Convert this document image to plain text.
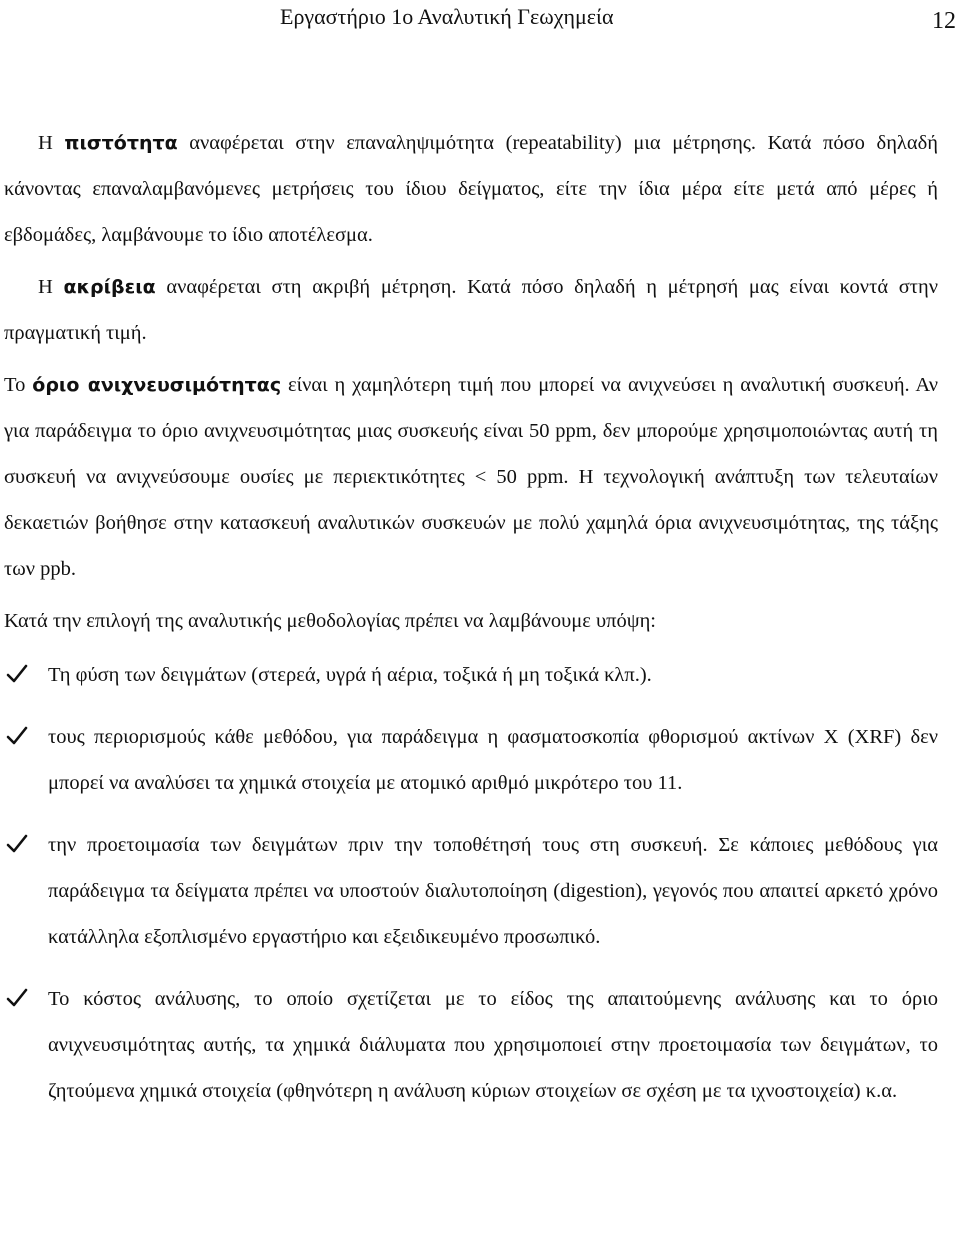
Εργαστήριο 1ο Αναλυτική Γεωχημεία	12

Η πιστότητα αναφέρεται στην επαναληψιμότητα (repeatability) μια μέτρησης. Κατά πόσο δηλαδή κάνοντας επαναλαμβανόμενες μετρήσεις του ίδιου δείγματος, είτε την ίδια μέρα είτε μετά από μέρες ή εβδομάδες, λαμβάνουμε το ίδιο αποτέλεσμα.

Η ακρίβεια αναφέρεται στη ακριβή μέτρηση. Κατά πόσο δηλαδή η μέτρησή μας είναι κοντά στην πραγματική τιμή.

Το όριο ανιχνευσιμότητας είναι η χαμηλότερη τιμή που μπορεί να ανιχνεύσει η αναλυτική συσκευή. Αν για παράδειγμα το όριο ανιχνευσιμότητας μιας συσκευής είναι 50 ppm, δεν μπορούμε χρησιμοποιώντας αυτή τη συσκευή να ανιχνεύσουμε ουσίες με περιεκτικότητες < 50 ppm. Η τεχνολογική ανάπτυξη των τελευταίων δεκαετιών βοήθησε στην κατασκευή αναλυτικών συσκευών με πολύ χαμηλά όρια ανιχνευσιμότητας, της τάξης των ppb.

Κατά την επιλογή της αναλυτικής μεθοδολογίας πρέπει να λαμβάνουμε υπόψη:

Τη φύση των δειγμάτων (στερεά, υγρά ή αέρια, τοξικά ή μη τοξικά κλπ.).
τους περιορισμούς κάθε μεθόδου, για παράδειγμα η φασματοσκοπία φθορισμού ακτίνων X (XRF) δεν μπορεί να αναλύσει τα χημικά στοιχεία με ατομικό αριθμό μικρότερο του 11.
την προετοιμασία των δειγμάτων πριν την τοποθέτησή τους στη συσκευή. Σε κάποιες μεθόδους για παράδειγμα τα δείγματα πρέπει να υποστούν διαλυτοποίηση (digestion), γεγονός που απαιτεί αρκετό χρόνο κατάλληλα εξοπλισμένο εργαστήριο και εξειδικευμένο προσωπικό.
Το κόστος ανάλυσης, το οποίο σχετίζεται με το είδος της απαιτούμενης ανάλυσης και το όριο ανιχνευσιμότητας αυτής, τα χημικά διάλυματα που χρησιμοποιεί στην προετοιμασία των δειγμάτων, το ζητούμενα χημικά στοιχεία (φθηνότερη η ανάλυση κύριων στοιχείων σε σχέση με τα ιχνοστοιχεία) κ.α.
